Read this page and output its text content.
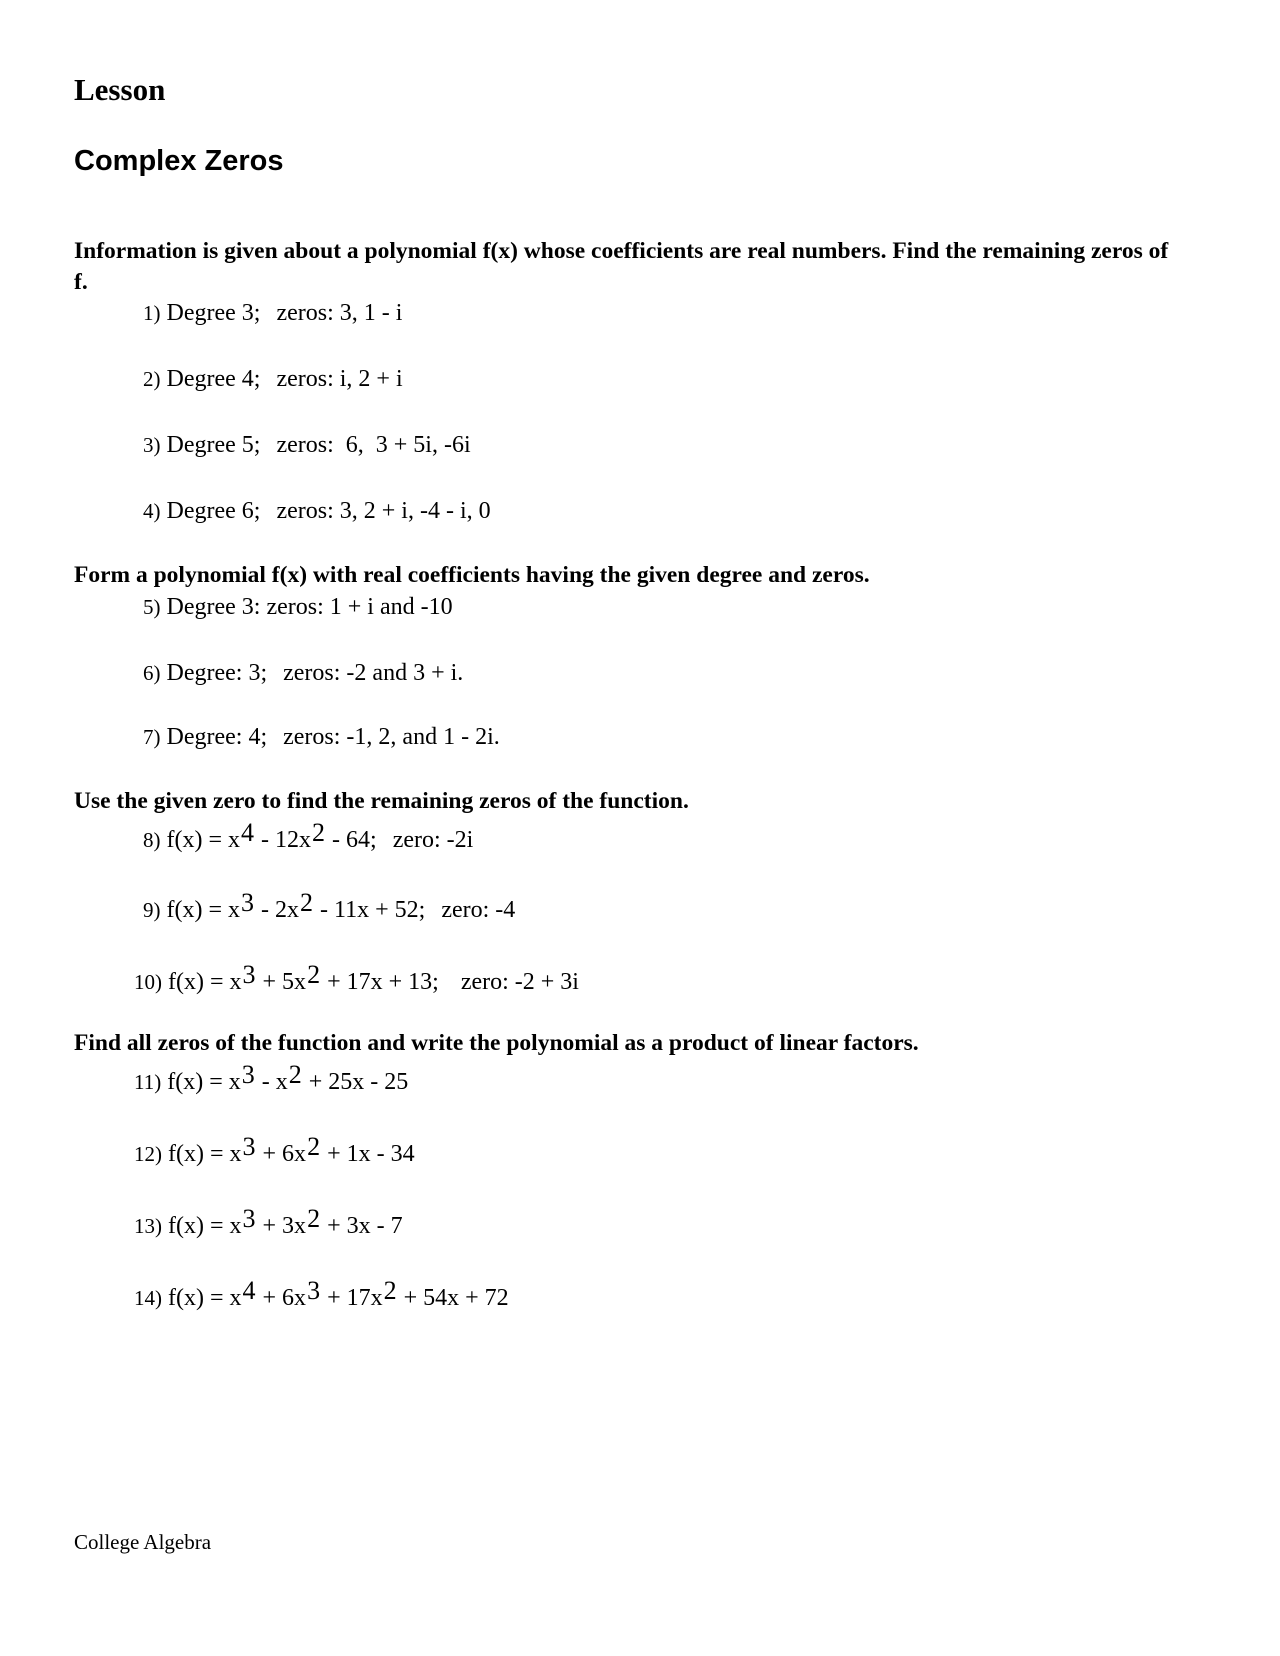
Lesson
Complex Zeros
Information is given about a polynomial f(x) whose coefficients are real numbers. Find the remaining zeros of f.
1) Degree 3; zeros: 3, 1 - i
2) Degree 4; zeros: i, 2 + i
3) Degree 5; zeros:  6,  3 + 5i, -6i
4) Degree 6; zeros: 3, 2 + i, -4 - i, 0
Form a polynomial f(x) with real coefficients having the given degree and zeros.
5) Degree 3: zeros: 1 + i and -10
6) Degree: 3; zeros: -2 and 3 + i.
7) Degree: 4; zeros: -1, 2, and 1 - 2i.
Use the given zero to find the remaining zeros of the function.
8) f(x) = x4 - 12x2 - 64; zero: -2i
9) f(x) = x3 - 2x2 - 11x + 52; zero: -4
10) f(x) = x3 + 5x2 + 17x + 13; zero: -2 + 3i
Find all zeros of the function and write the polynomial as a product of linear factors.
11) f(x) = x3 - x2 + 25x - 25
12) f(x) = x3 + 6x2 + 1x - 34
13) f(x) = x3 + 3x2 + 3x - 7
14) f(x) = x4 + 6x3 + 17x2 + 54x + 72
College Algebra
